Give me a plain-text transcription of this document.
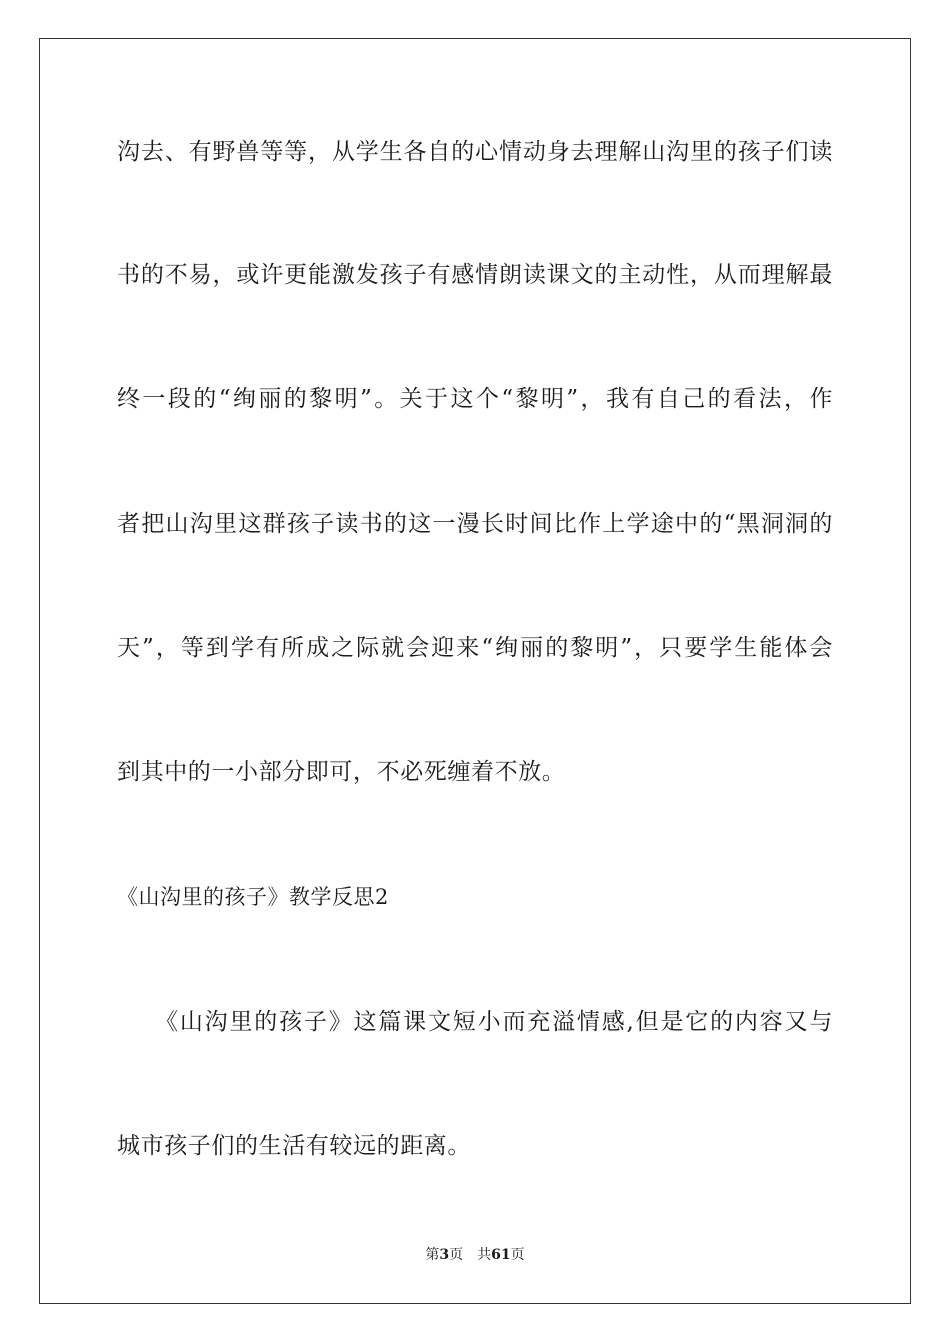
沟去、有野兽等等，从学生各自的心情动身去理解山沟里的孩子们读
书的不易，或许更能激发孩子有感情朗读课文的主动性，从而理解最
终一段的“绚丽的黎明”。关于这个“黎明”，我有自己的看法，作
者把山沟里这群孩子读书的这一漫长时间比作上学途中的“黑洞洞的
天”，等到学有所成之际就会迎来“绚丽的黎明”，只要学生能体会
到其中的一小部分即可，不必死缠着不放。
《山沟里的孩子》教学反思2
《山沟里的孩子》这篇课文短小而充溢情感,但是它的内容又与
城市孩子们的生活有较远的距离。
第3页 共61页
